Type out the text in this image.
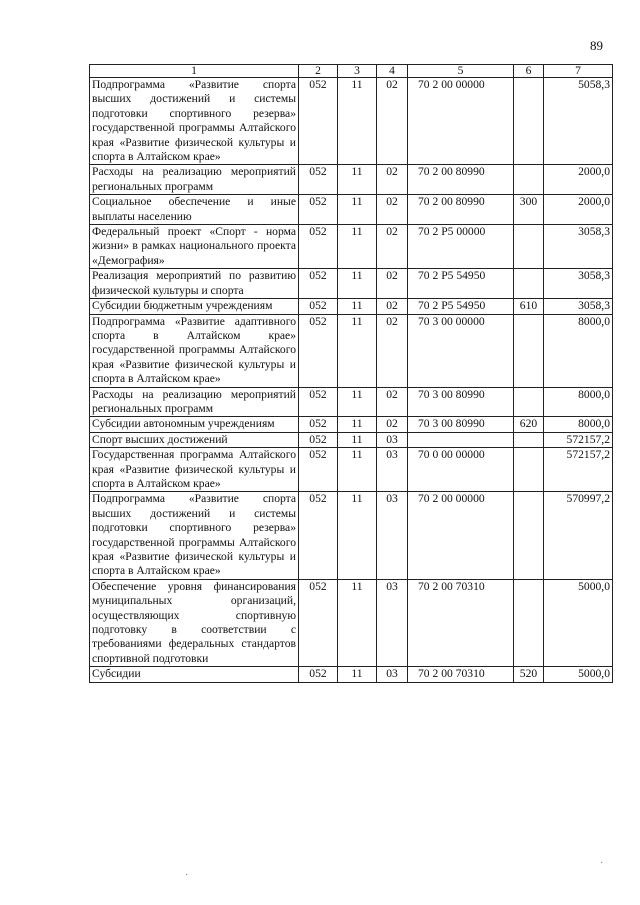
89
1	2	3	4	5	6	7
Подпрограмма «Развитие спорта высших достижений и системы подготовки спортивного резерва» государственной программы Алтайского края «Развитие физической культуры и спорта в Алтайском крае»	052	11	02	70 2 00 00000		5058,3
Расходы на реализацию мероприятий региональных программ	052	11	02	70 2 00 80990		2000,0
Социальное обеспечение и иные выплаты населению	052	11	02	70 2 00 80990	300	2000,0
Федеральный проект «Спорт - норма жизни» в рамках национального проекта «Демография»	052	11	02	70 2 P5 00000		3058,3
Реализация мероприятий по развитию физической культуры и спорта	052	11	02	70 2 P5 54950		3058,3
Субсидии бюджетным учреждениям	052	11	02	70 2 P5 54950	610	3058,3
Подпрограмма «Развитие адаптивного спорта в Алтайском крае» государственной программы Алтайского края «Развитие физической культуры и спорта в Алтайском крае»	052	11	02	70 3 00 00000		8000,0
Расходы на реализацию мероприятий региональных программ	052	11	02	70 3 00 80990		8000,0
Субсидии автономным учреждениям	052	11	02	70 3 00 80990	620	8000,0
Спорт высших достижений	052	11	03			572157,2
Государственная программа Алтайского края «Развитие физической культуры и спорта в Алтайском крае»	052	11	03	70 0 00 00000		572157,2
Подпрограмма «Развитие спорта высших достижений и системы подготовки спортивного резерва» государственной программы Алтайского края «Развитие физической культуры и спорта в Алтайском крае»	052	11	03	70 2 00 00000		570997,2
Обеспечение уровня финансирования муниципальных организаций, осуществляющих спортивную подготовку в соответствии с требованиями федеральных стандартов спортивной подготовки	052	11	03	70 2 00 70310		5000,0
Субсидии	052	11	03	70 2 00 70310	520	5000,0
·
·
